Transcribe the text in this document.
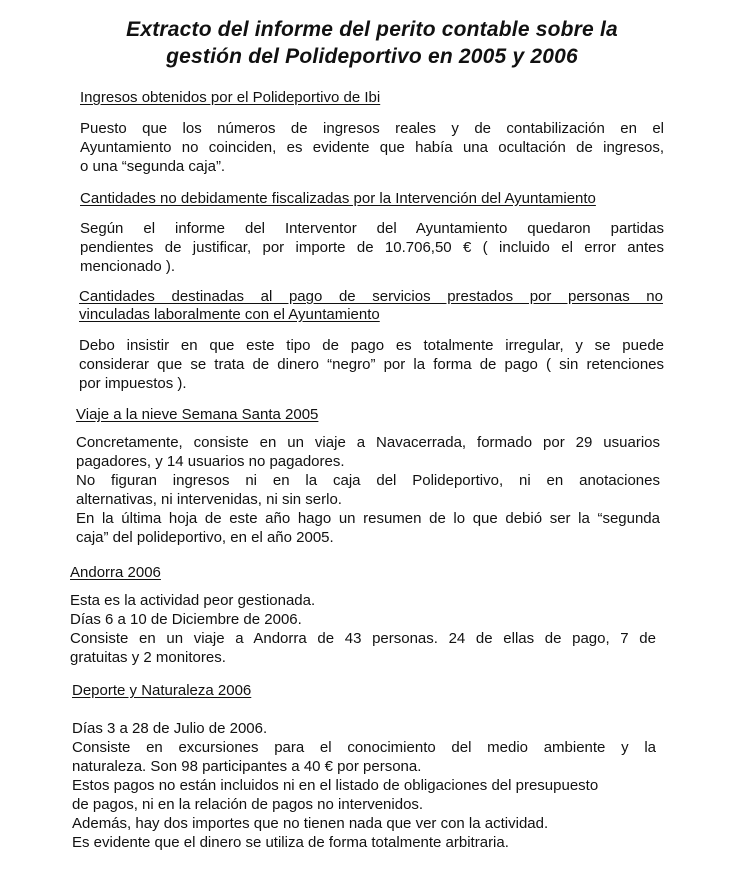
Extracto del informe del perito contable sobre la
gestión del Polideportivo en 2005 y 2006
Ingresos obtenidos por el Polideportivo de Ibi
Puesto que los números de ingresos reales y de contabilización en el
Ayuntamiento no coinciden, es evidente que había una ocultación de ingresos,
o una “segunda caja”.
Cantidades no debidamente fiscalizadas por la Intervención del Ayuntamiento
Según el informe del Interventor del Ayuntamiento quedaron partidas
pendientes de justificar, por importe de 10.706,50 € ( incluido el error antes
mencionado ).
Cantidades destinadas al pago de servicios prestados por personas no
vinculadas laboralmente con el Ayuntamiento
Debo insistir en que este tipo de pago es totalmente irregular, y se puede
considerar que se trata de dinero “negro” por la forma de pago ( sin retenciones
por impuestos ).
Viaje a la nieve Semana Santa 2005
Concretamente, consiste en un viaje a Navacerrada, formado por 29 usuarios
pagadores, y 14 usuarios no pagadores.
No figuran ingresos ni en la caja del Polideportivo, ni en anotaciones
alternativas, ni intervenidas, ni sin serlo.
En la última hoja de este año hago un resumen de lo que debió ser la “segunda
caja” del polideportivo, en el año 2005.
Andorra 2006
Esta es la actividad peor gestionada.
Días 6 a 10 de Diciembre de 2006.
Consiste en un viaje a Andorra de 43 personas. 24 de ellas de pago, 7 de
gratuitas y 2 monitores.
Deporte y Naturaleza 2006
Días 3 a 28 de Julio de 2006.
Consiste en excursiones para el conocimiento del medio ambiente y la
naturaleza. Son 98 participantes a 40 € por persona.
Estos pagos no están incluidos ni en el listado de obligaciones del presupuesto
de pagos, ni en la relación de pagos no intervenidos.
Además, hay dos importes que no tienen nada que ver con la actividad.
Es evidente que el dinero se utiliza de forma totalmente arbitraria.
